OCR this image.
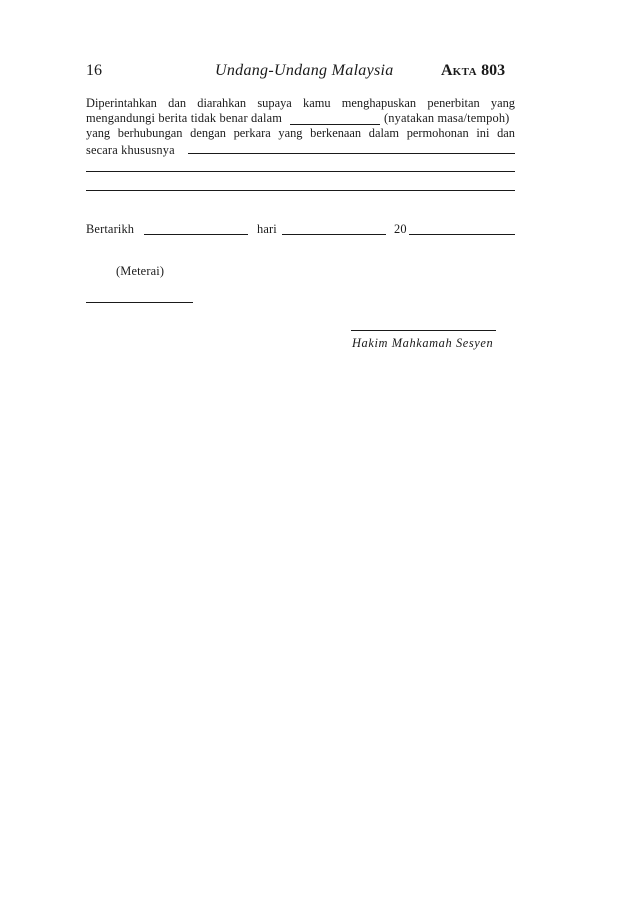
16	Undang-Undang Malaysia	AKTA 803
Diperintahkan dan diarahkan supaya kamu menghapuskan penerbitan yang
mengandungi berita tidak benar dalam	(nyatakan masa/tempoh)
yang berhubungan dengan perkara yang berkenaan dalam permohonan ini dan
secara khususnya
Bertarikh	hari	20
(Meterai)
Hakim Mahkamah Sesyen
